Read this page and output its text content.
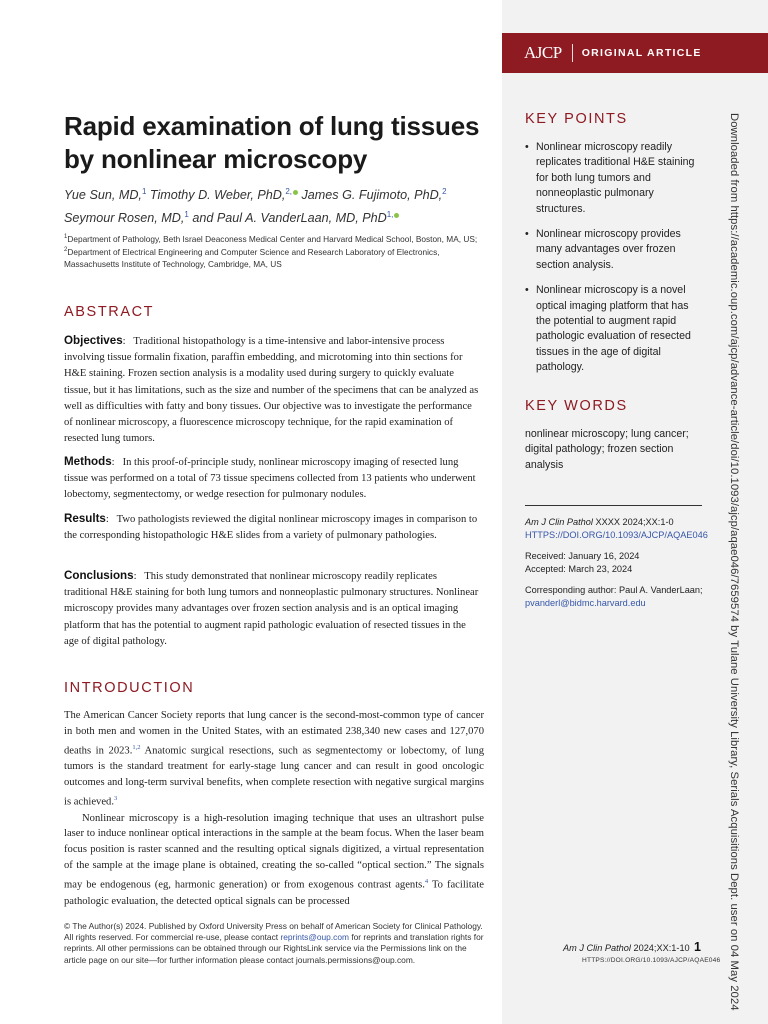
AJCP ORIGINAL ARTICLE
Downloaded from https://academic.oup.com/ajcp/advance-article/doi/10.1093/ajcp/aqae046/7659574 by Tulane University Library, Serials Acquisitions Dept. user on 04 May 2024
Rapid examination of lung tissues by nonlinear microscopy
Yue Sun, MD,$^1$ Timothy D. Weber, PhD,$^{2,}$ James G. Fujimoto, PhD,$^2$
Seymour Rosen, MD,$^1$ and Paul A. VanderLaan, MD, PhD$^{1,}$
$^1$Department of Pathology, Beth Israel Deaconess Medical Center and Harvard Medical School, Boston, MA, US;
$^2$Department of Electrical Engineering and Computer Science and Research Laboratory of Electronics, Massachusetts Institute of Technology, Cambridge, MA, US
ABSTRACT
Objectives:   Traditional histopathology is a time-intensive and labor-intensive process involving tissue formalin fixation, paraffin embedding, and microtoming into thin sections for H&E staining. Frozen section analysis is a modality used during surgery to quickly evaluate tissue, but it has limitations, such as the size and number of the specimens that can be analyzed as well as difficulties with fatty and bony tissues. Our objective was to investigate the performance of nonlinear microscopy, a fluorescence microscopy technique, for the rapid examination of resected lung tumors.
Methods:   In this proof-of-principle study, nonlinear microscopy imaging of resected lung tissue was performed on a total of 73 tissue specimens collected from 13 patients who underwent lobectomy, segmentectomy, or wedge resection for pulmonary nodules.
Results:   Two pathologists reviewed the digital nonlinear microscopy images in comparison to the corresponding histopathologic H&E slides from a variety of pulmonary pathologies.
Conclusions:   This study demonstrated that nonlinear microscopy readily replicates traditional H&E staining for both lung tumors and nonneoplastic pulmonary structures. Nonlinear microscopy provides many advantages over frozen section analysis and is an optical imaging platform that has the potential to augment rapid pathologic evaluation of resected tissues in the age of digital pathology.
INTRODUCTION

The American Cancer Society reports that lung cancer is the second-most-common type of cancer in both men and women in the United States, with an estimated 238,340 new cases and 127,070 deaths in 2023.$^{1,2}$ Anatomic surgical resections, such as segmentectomy or lobectomy, of lung tumors is the standard treatment for early-stage lung cancer and can result in good oncologic outcomes and long-term survival benefits, when complete resection with negative surgical margins is achieved.$^3$

Nonlinear microscopy is a high-resolution imaging technique that uses an ultrashort pulse laser to induce nonlinear optical interactions in the sample at the beam focus. When the laser beam focus position is raster scanned and the resulting optical signals digitized, a virtual representation of the sample at the image plane is obtained, creating the so-called “optical section.” The signals may be endogenous (eg, harmonic generation) or from exogenous contrast agents.$^4$ To facilitate pathologic evaluation, the detected optical signals can be processed

© The Author(s) 2024. Published by Oxford University Press on behalf of American Society for Clinical Pathology. All rights reserved. For commercial re-use, please contact reprints@oup.com for reprints and translation rights for reprints. All other permissions can be obtained through our RightsLink service via the Permissions link on the article page on our site—for further information please contact journals.permissions@oup.com.
KEY POINTS
• Nonlinear microscopy readily replicates traditional H&E staining for both lung tumors and nonneoplastic pulmonary structures.
• Nonlinear microscopy provides many advantages over frozen section analysis.
• Nonlinear microscopy is a novel optical imaging platform that has the potential to augment rapid pathologic evaluation of resected tissues in the age of digital pathology.
KEY WORDS
nonlinear microscopy; lung cancer; digital pathology; frozen section analysis
Am J Clin Pathol XXXX 2024;XX:1-0
HTTPS://DOI.ORG/10.1093/AJCP/AQAE046
Received: January 16, 2024
Accepted: March 23, 2024
Corresponding author: Paul A. VanderLaan; pvanderl@bidmc.harvard.edu
Am J Clin Pathol 2024;XX:1-10
HTTPS://DOI.ORG/10.1093/AJCP/AQAE046
1
